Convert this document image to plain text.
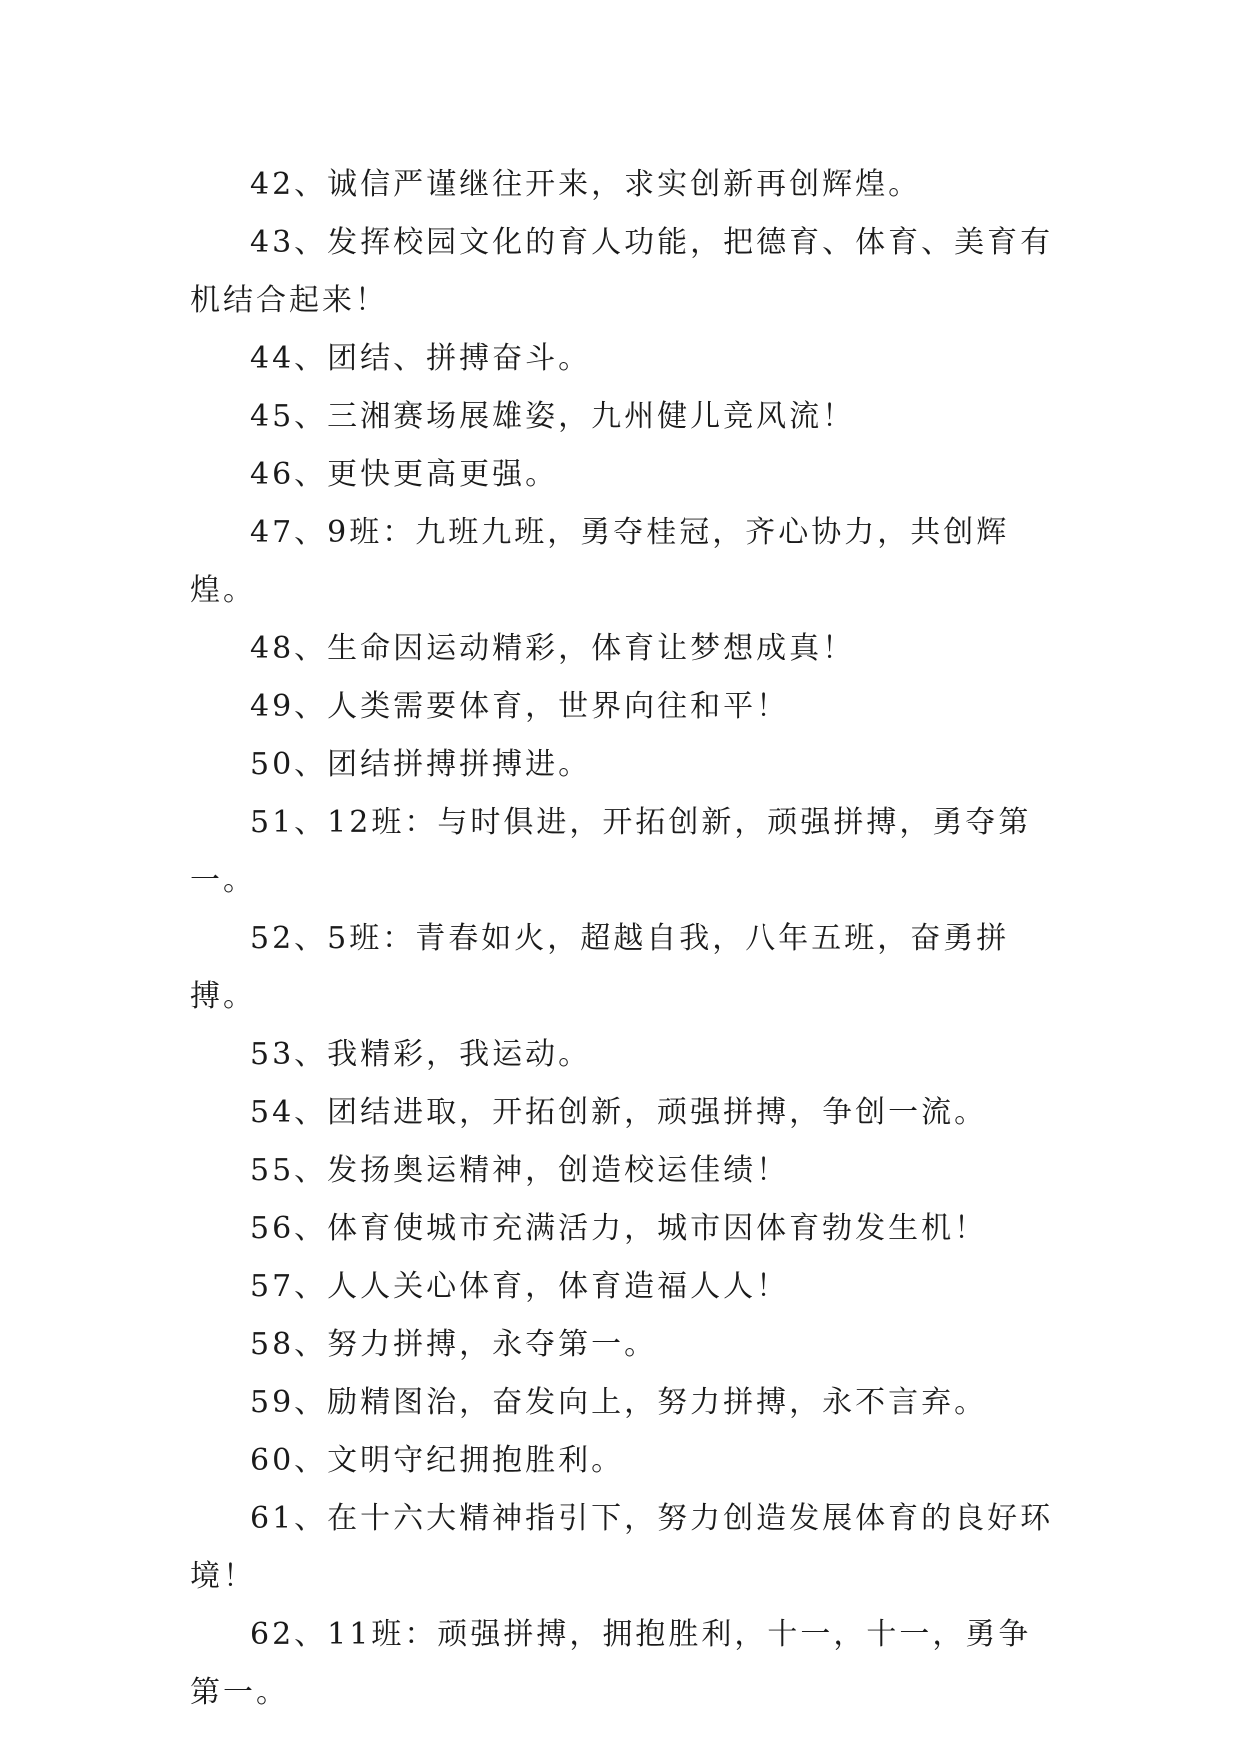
42、诚信严谨继往开来，求实创新再创辉煌。

43、发挥校园文化的育人功能，把德育、体育、美育有机结合起来！

44、团结、拼搏奋斗。

45、三湘赛场展雄姿，九州健儿竞风流！

46、更快更高更强。

47、9班：九班九班，勇夺桂冠，齐心协力，共创辉煌。

48、生命因运动精彩，体育让梦想成真！

49、人类需要体育，世界向往和平！

50、团结拼搏拼搏进。

51、12班：与时俱进，开拓创新，顽强拼搏，勇夺第一。

52、5班：青春如火，超越自我，八年五班，奋勇拼搏。

53、我精彩，我运动。

54、团结进取，开拓创新，顽强拼搏，争创一流。

55、发扬奥运精神，创造校运佳绩！

56、体育使城市充满活力，城市因体育勃发生机！

57、人人关心体育，体育造福人人！

58、努力拼搏，永夺第一。

59、励精图治，奋发向上，努力拼搏，永不言弃。

60、文明守纪拥抱胜利。

61、在十六大精神指引下，努力创造发展体育的良好环境！

62、11班：顽强拼搏，拥抱胜利，十一，十一，勇争第一。
